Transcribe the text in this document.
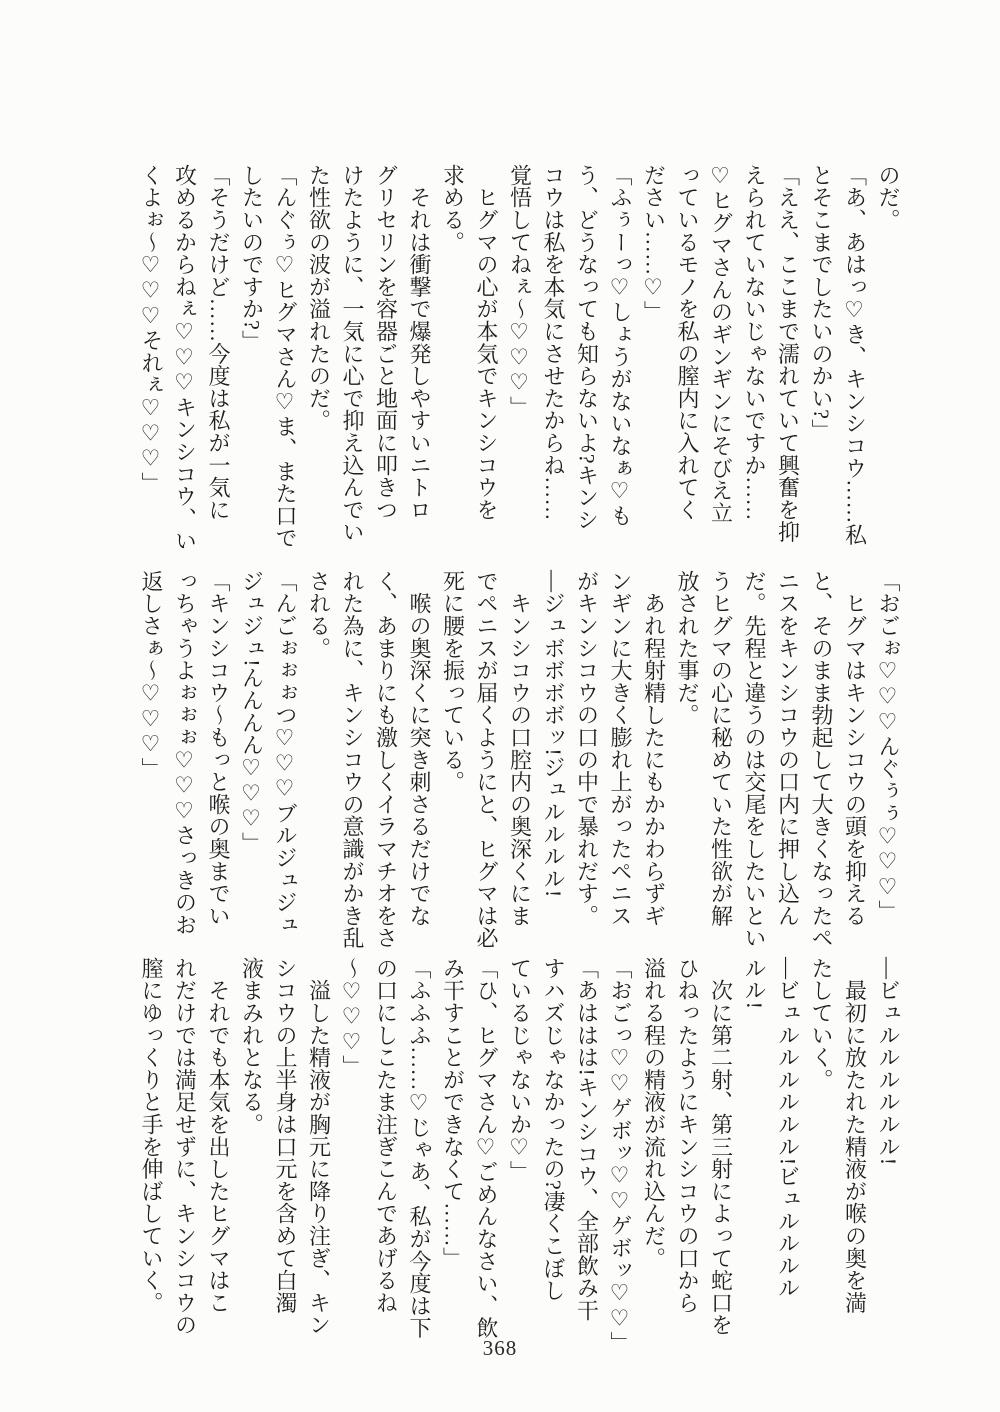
のだ。

「あ、あはっ♡き、キンシコウ……私

とそこまでしたいのかい?」

「ええ、ここまで濡れていて興奮を抑

えられていないじゃないですか……

♡ヒグマさんのギンギンにそびえ立

っているモノを私の膣内に入れてく

ださい……♡」

「ふぅーっ♡しょうがないなぁ♡も

う、どうなっても知らないよ?キンシ

コウは私を本気にさせたからね……

覚悟してねぇ〜♡♡♡」

　ヒグマの心が本気でキンシコウを

求める。

　それは衝撃で爆発しやすいニトロ

グリセリンを容器ごと地面に叩きつ

けたように、一気に心で抑え込んでい

た性欲の波が溢れたのだ。

「んぐぅ♡ヒグマさん♡ま、また口で

したいのですか?」

「そうだけど……今度は私が一気に

攻めるからねぇ♡♡♡キンシコウ、い

くよぉ〜♡♡♡それぇ♡♡♡」

「おごぉ♡♡♡んぐぅぅ♡♡♡」

　ヒグマはキンシコウの頭を抑える

と、そのまま勃起して大きくなったペ

ニスをキンシコウの口内に押し込ん

だ。先程と違うのは交尾をしたいとい

うヒグマの心に秘めていた性欲が解

放された事だ。

　あれ程射精したにもかかわらずギ

ンギンに大きく膨れ上がったペニス

がキンシコウの口の中で暴れだす。

―ジュボボボボッ!ジュルルルル!

　キンシコウの口腔内の奥深くにま

でペニスが届くようにと、ヒグマは必

死に腰を振っている。

　喉の奥深くに突き刺さるだけでな

く、あまりにも激しくイラマチオをさ

れた為に、キンシコウの意識がかき乱

される。

「んごぉぉぉつ♡♡♡ブルジュジュ

ジュジュ!んんんん♡♡♡」

「キンシコウ〜もっと喉の奥までい

っちゃうよぉぉぉ♡♡♡さっきのお

返しさぁ〜♡♡♡」

―ビュルルルルルル!

　最初に放たれた精液が喉の奥を満

たしていく。

―ビュルルルルルル!ビュルルルル

ルル!

　次に第二射、第三射によって蛇口を

ひねったようにキンシコウの口から

溢れる程の精液が流れ込んだ。

「おごっ♡♡ゲボッ♡♡ゲボッ♡♡」

「あははは!キンシコウ、全部飲み干

すハズじゃなかったの?凄くこぼし

ているじゃないか♡」

「ひ、ヒグマさん♡ごめんなさい、飲

み干すことができなくて……」

「ふふふ……♡じゃあ、私が今度は下

の口にしこたま注ぎこんであげるね

〜♡♡♡」

　溢した精液が胸元に降り注ぎ、キン

シコウの上半身は口元を含めて白濁

液まみれとなる。

　それでも本気を出したヒグマはこ

れだけでは満足せずに、キンシコウの

膣にゆっくりと手を伸ばしていく。

368
